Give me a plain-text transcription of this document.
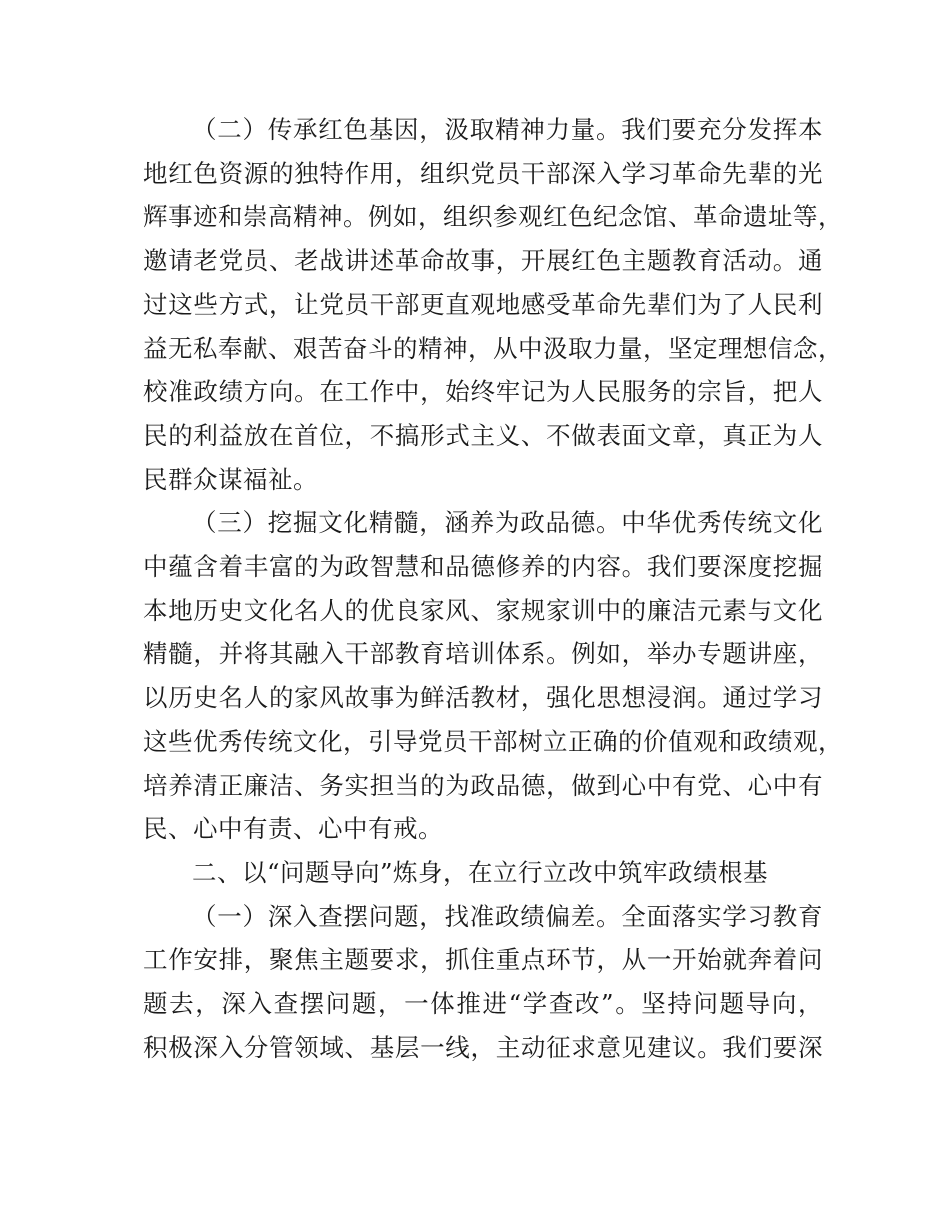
（二）传承红色基因，汲取精神力量。我们要充分发挥本
地红色资源的独特作用，组织党员干部深入学习革命先辈的光
辉事迹和崇高精神。例如，组织参观红色纪念馆、革命遗址等，
邀请老党员、老战讲述革命故事，开展红色主题教育活动。通
过这些方式，让党员干部更直观地感受革命先辈们为了人民利
益无私奉献、艰苦奋斗的精神，从中汲取力量，坚定理想信念，
校准政绩方向。在工作中，始终牢记为人民服务的宗旨，把人
民的利益放在首位，不搞形式主义、不做表面文章，真正为人
民群众谋福祉。
（三）挖掘文化精髓，涵养为政品德。中华优秀传统文化
中蕴含着丰富的为政智慧和品德修养的内容。我们要深度挖掘
本地历史文化名人的优良家风、家规家训中的廉洁元素与文化
精髓，并将其融入干部教育培训体系。例如，举办专题讲座，
以历史名人的家风故事为鲜活教材，强化思想浸润。通过学习
这些优秀传统文化，引导党员干部树立正确的价值观和政绩观，
培养清正廉洁、务实担当的为政品德，做到心中有党、心中有
民、心中有责、心中有戒。
二、以“问题导向”炼身，在立行立改中筑牢政绩根基
（一）深入查摆问题，找准政绩偏差。全面落实学习教育
工作安排，聚焦主题要求，抓住重点环节，从一开始就奔着问
题去，深入查摆问题，一体推进“学查改”。坚持问题导向，
积极深入分管领域、基层一线，主动征求意见建议。我们要深
